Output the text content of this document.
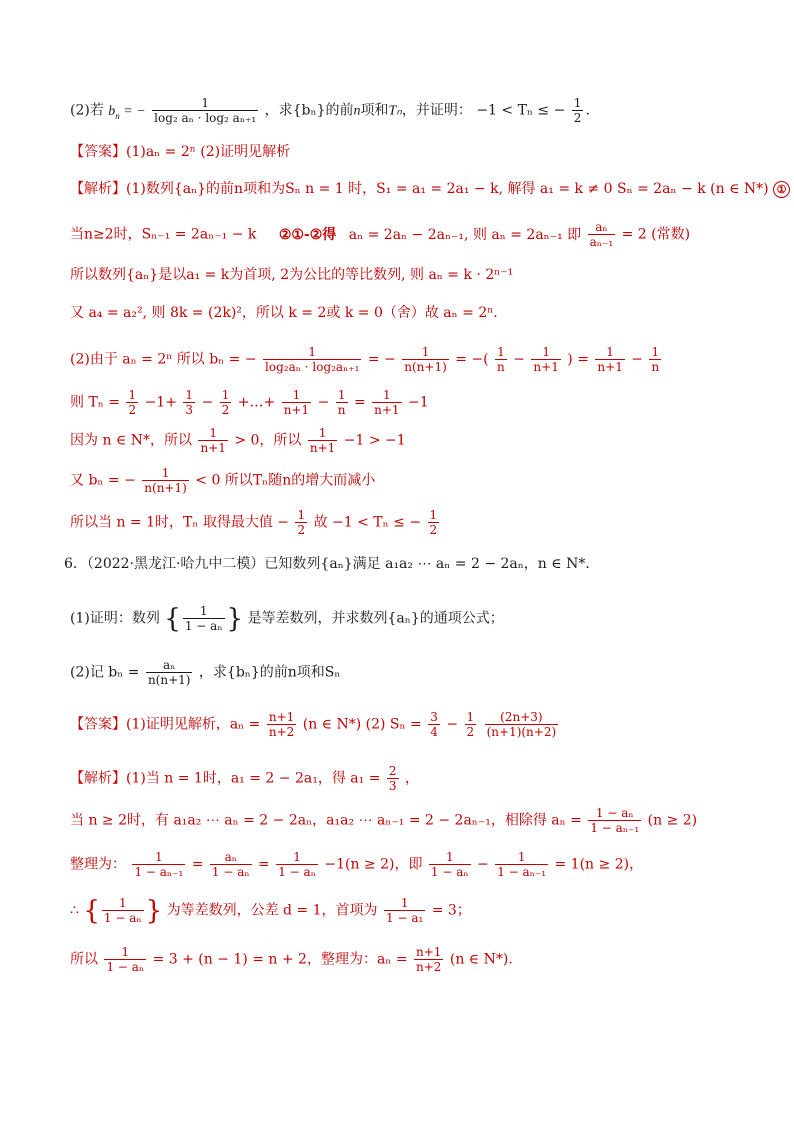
(2)若 $b_n$ = − $\frac{1}{\text{log₂ aₙ · log₂ aₙ₊₁}}$ ，求{bₙ}的前n项和Tₙ，并证明： −1 < Tₙ ≤ − $\frac{1}{2}$ .
【答案】(1)aₙ = 2ⁿ (2)证明见解析
【解析】(1)数列{aₙ}的前n项和为Sₙ n = 1 时，S₁ = a₁ = 2a₁ − k, 解得 a₁ = k ≠ 0 Sₙ = 2aₙ − k (n ∈ N*) ①
当n≥2时，Sₙ₋₁ = 2aₙ₋₁ − k ②①-②得 aₙ = 2aₙ − 2aₙ₋₁, 则 aₙ = 2aₙ₋₁ 即 $\frac{\text{aₙ}}{\text{aₙ₋₁}} = 2$ (常数)
所以数列{aₙ}是以a₁ = k为首项, 2为公比的等比数列, 则 aₙ = k · 2ⁿ⁻¹
又 a₄ = a₂², 则 8k = (2k)²，所以 k = 2或 k = 0（舍）故 aₙ = 2ⁿ.
(2)由于 aₙ = 2ⁿ 所以 bₙ = − $\frac{1}{\text{log₂aₙ · log₂aₙ₊₁}}$ = − $\frac{1}{n(n+1)}$ = −( $\frac{1}{n} - \frac{1}{n+1}$ ) = $\frac{1}{n+1} - \frac{1}{n}$
则 $T_n = \frac{1}{2} -1+ \frac{1}{3} - \frac{1}{2}$ +…+ $\frac{1}{n+1} - \frac{1}{n} = \frac{1}{n+1} -1$
因为 n ∈ N*，所以 $\frac{1}{n+1} > 0$，所以 $\frac{1}{n+1} -1 > -1$
又 bₙ = − $\frac{1}{n(n+1)} < 0$ 所以Tₙ随n的增大而减小
所以当 n = 1时，Tₙ 取得最大值 − $\frac{1}{2}$ 故 −1 < Tₙ ≤ − $\frac{1}{2}$
6．（2022·黑龙江·哈九中二模）已知数列{aₙ}满足 a₁a₂ ⋯ aₙ = 2 − 2aₙ，n ∈ N*．
(1)证明：数列 { $\frac{1}{\text{1 − aₙ}}$ } 是等差数列，并求数列{aₙ}的通项公式；
(2)记 $b_n = \frac{\text{aₙ}}{n(n+1)}$ ，求{bₙ}的前n项和Sₙ
【答案】(1)证明见解析，$a_n = \frac{n+1}{n+2} (n$ ∈ N*) (2) $S_n = \frac{3}{4} - \frac{1}{2}$
$\frac{(2n+3)}{(n+1)(n+2)}$
【解析】(1)当 n = 1时，a₁ = 2 − 2a₁，得 $a_1 = \frac{2}{3}$ ，
当 n ≥ 2时，有 a₁a₂ ⋯ aₙ = 2 − 2aₙ，a₁a₂ ⋯ aₙ₋₁ = 2 − 2aₙ₋₁，相除得 $a_n = \frac{\text{1 − aₙ}}{\text{1 − aₙ₋₁}} (n \ge 2)$
整理为： $\frac{1}{\text{1 − aₙ₋₁}} = \frac{\text{aₙ}}{\text{1 − aₙ}} = \frac{1}{\text{1 − aₙ}} -1(n \ge 2)$，即 $\frac{1}{\text{1 − aₙ}} - \frac{1}{\text{1 − aₙ₋₁}} = 1(n \ge 2)$，
∴ { $\frac{1}{\text{1 − aₙ}}$ } 为等差数列，公差 d = 1，首项为 $\frac{1}{\text{1 − a₁}} = 3$；
所以 $\frac{1}{\text{1 − aₙ}} = 3 + (n - 1) = n + 2$，整理为：$a_n = \frac{n+1}{n+2} (n$ ∈ N*).
